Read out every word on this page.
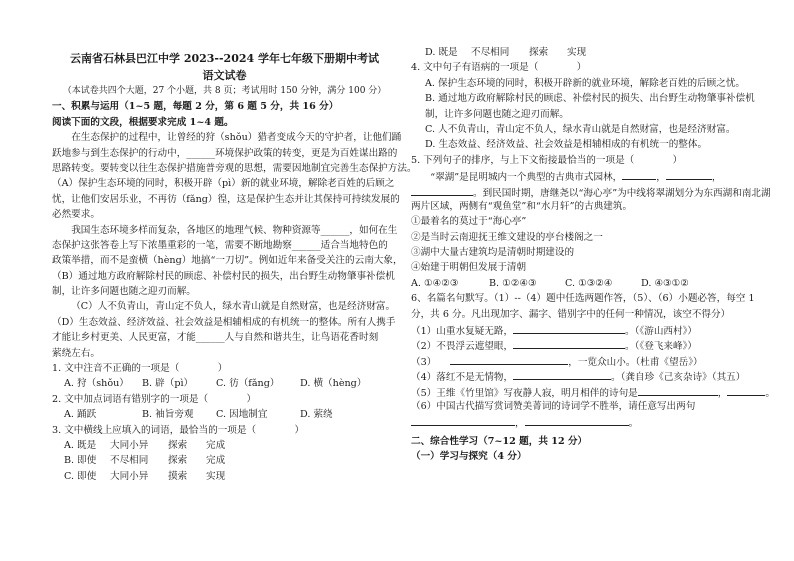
云南省石林县巴江中学 2023--2024 学年七年级下册期中考试
语文试卷
（本试卷共四个大题，27 个小题，共 8 页；考试用时 150 分钟，满分 100 分）
一、积累与运用（1~5 题，每题 2 分，第 6 题 5 分，共 16 分）
阅读下面的文段，根据要求完成 1~4 题。
在生态保护的过程中，让曾经的狩（shǒu）猎者变成今天的守护者，让他们踊
跃地参与到生态保护的行动中，______环境保护政策的转变，更是为百姓谋出路的
思路转变。要转变以往生态保护措施普旁观的思想，需要因地制宜完善生态保护方法。
（A）保护生态环境的同时，积极开辟（pì）新的就业环境，解除老百姓的后顾之
忧，让他们安居乐业，不再彷（fǎng）徨，这是保护生态并让其保持可持续发展的
必然要求。
我国生态环境多样而复杂，各地区的地理气候、物种资源等______，如何在生
态保护这张答卷上写下浓墨重彩的一笔，需要不断地勘察______适合当地特色的
政策举措，而不是蛮横（hèng）地搞“一刀切”。例如近年来备受关注的云南大象，
（B）通过地方政府解除村民的顾虑、补偿村民的损失，出台野生动物肇事补偿机
制，让许多问题也随之迎刃而解。
（C）人不负青山，青山定不负人，绿水青山就是自然财富，也是经济财富。
（D）生态效益、经济效益、社会效益是相辅相成的有机统一的整体。所有人携手
才能让乡村更美、人民更富，才能______人与自然和谐共生，让鸟语花香时刻
萦绕左右。
1. 文中注音不正确的一项是（　　　　）
A. 狩（shǒu）	B. 辟（pì）	C. 彷（fǎng）	D. 横（hèng）
2. 文中加点词语有错别字的一项是（　　　　）
A. 踊跃	B. 袖旨旁观	C. 因地制宜	D. 萦绕
3. 文中横线上应填入的词语，最恰当的一项是（　　　　）
A. 既是	大同小异	探索	完成
B. 即使	不尽相同	探索	完成
C. 即使	大同小异	摸索	实现
D. 既是	不尽相同	探索	实现
4. 文中句子有语病的一项是（　　　　）
A. 保护生态环境的同时，积极开辟新的就业环境，解除老百姓的后顾之忧。
B. 通过地方政府解除村民的顾虑、补偿村民的损失、出台野生动物肇事补偿机
制，让许多问题也随之迎刃而解。
C. 人不负青山，青山定不负人，绿水青山就是自然财富，也是经济财富。
D. 生态效益、经济效益、社会效益是相辅相成的有机统一的整体。
5. 下列句子的排序，与上下文衔接最恰当的一项是（　　　　）
“翠湖”是昆明城内一个典型的古典市式园林，	，	，
。到民国时期，唐继尧以“海心亭”为中线将翠湖划分为东西湖和南北湖
两片区域，两侧有“观鱼堂”和“水月轩”的古典建筑。
①最着名的莫过于“海心亭”
②是当时云南迎抚王维文建设的亭台楼阁之一
③湖中大量古建筑均是清朝时期建设的
④始建于明朝但发展于清朝
A. ①④②③	B. ①②④③	C. ①③②④	D. ④③①②
6、名篇名句默写。（1）--（4）题中任选两题作答，（5）、（6）小题必答，每空 1
分，共 6 分。凡出现加字、漏字、错别字中的任何一种情况，该空不得分）
（1）山重水复疑无路，	。（《游山西村》）
（2）不畏浮云遮望眼，	。（《登飞来峰》）
（3）	，一览众山小。（杜甫《望岳》）
（4）落红不是无情物，	。（龚自珍《己亥杂诗》（其五）
（5）王维《竹里馆》写夜静人寂，明月相伴的诗句是	，	。
（6）中国古代描写赏词赞美菁词的诗词学不胜举，请任意写出两句
，	。
二、综合性学习（7~12 题，共 12 分）
（一）学习与探究（4 分）
